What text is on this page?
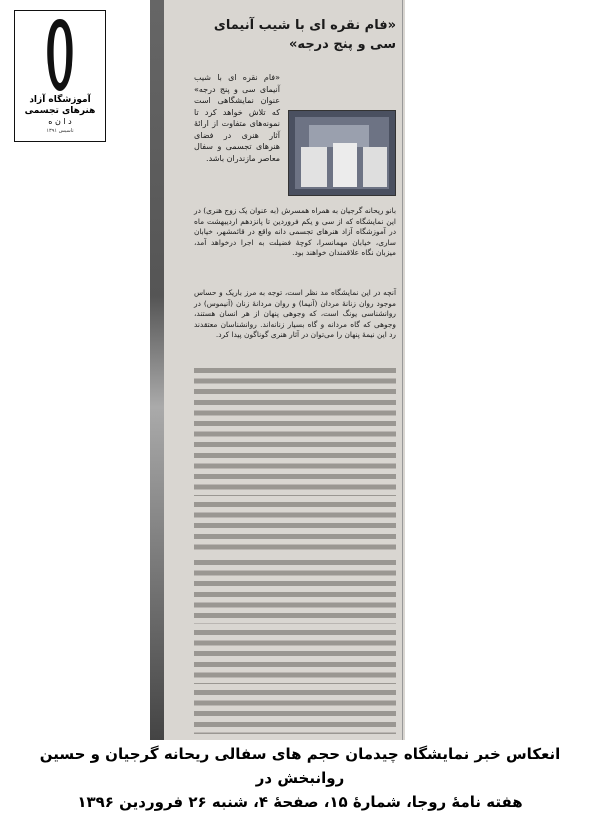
آموزشگاه آزاد
هنرهای تجسمی
د ا ن ه
تاسیس ۱۳۹۱
«فام نقره ای با شیب آنیمای سی و پنج درجه»
«فام نقره ای با شیب آنیمای سی و پنج درجه» عنوان نمایشگاهی است که تلاش خواهد کرد تا نمونه‌های متفاوت از ارائهٔ آثار هنری در فضای هنرهای تجسمی و سفال معاصر مازندران باشد.
بانو ریحانه گرجیان به همراه همسرش (به عنوان یک زوج هنری) در این نمایشگاه که از سی و یکم فروردین تا پانزدهم اردیبهشت ماه در آموزشگاه آزاد هنرهای تجسمی دانه واقع در قائمشهر، خیابان ساری، خیابان مهمانسرا، کوچهٔ فضیلت به اجرا درخواهد آمد، میزبان نگاه علاقمندان خواهند بود.
آنچه در این نمایشگاه مد نظر است، توجه به مرز باریک و حساس موجود روان زنانهٔ مردان (آنیما) و روان مردانهٔ زنان (آنیموس) در روانشناسی یونگ است، که وجوهی پنهان از هر انسان هستند، وجوهی که گاه مردانه و گاه بسیار زنانه‌اند. روانشناسان معتقدند رد این نیمهٔ پنهان را می‌توان در آثار هنری گوناگون پیدا کرد.
انعکاس خبر نمایشگاه چیدمان حجم های سفالی ریحانه گرجیان و حسین روانبخش در
هفته نامهٔ روجا، شمارهٔ ۱۵، صفحهٔ ۴، شنبه ۲۶ فروردین ۱۳۹۶
